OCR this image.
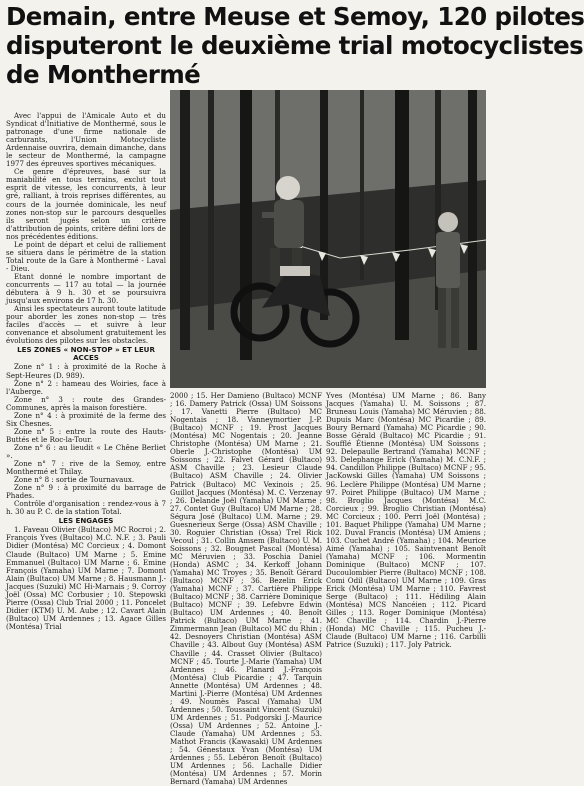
Demain, entre Meuse et Semoy, 120 pilotes
disputeront le deuxième trial motocyclistes
de Monthermé

Avec l'appui de l'Amicale Auto et du Syndicat d'Initiative de Monthermé, sous le patronage d'une firme nationale de carburants, l'Union Motocycliste Ardennaise ouvrira, demain dimanche, dans le secteur de Monthermé, la campagne 1977 des épreuves sportives mécaniques.

Ce genre d'épreuves, basé sur la maniabilité en tous terrains, exclut tout esprit de vitesse, les concurrents, à leur gré, ralliant, à trois reprises différentes, au cours de la journée dominicale, les neuf zones non-stop sur le parcours desquelles ils seront jugés selon un critère d'attribution de points, critère défini lors de nos précédentes éditions.

Le point de départ et celui de ralliement se situera dans le périmètre de la station Total route de la Gare à Monthermé - Laval - Dieu.

Etant donné le nombre important de concurrents — 117 au total — la journée débutera à 9 h. 30 et se poursuivra jusqu'aux environs de 17 h. 30.

Ainsi les spectateurs auront toute latitude pour aborder les zones non-stop — très faciles d'accès — et suivre à leur convenance et absolument gratuitement les évolutions des pilotes sur les obstacles.

LES ZONES « NON-STOP » ET LEUR ACCES

Zone n° 1 : à proximité de la Roche à Sept-Heures (D. 989).

Zone n° 2 : hameau des Woiries, face à l'Auberge.

Zone n° 3 : route des Grandes-Communes, après la maison forestière.

Zone n° 4 : à proximité de la ferme des Six Chesnes.

Zone n° 5 : entre la route des Hauts-Buttés et le Roc-la-Tour.

Zone n° 6 : au lieudit « Le Chêne Berliet ».

Zone n° 7 : rive de la Semoy, entre Monthermé et Thilay.

Zone n° 8 : sortie de Tournavaux.

Zone n° 9 : à proximité du barrage de Phades.

Contrôle d'organisation : rendez-vous à 7 h. 30 au P. C. de la station Total.

LES ENGAGES

1. Faveau Olivier (Bultaco) MC Rocroi ; 2. François Yves (Bultaco) M.C. N.F. ; 3. Pauli Didier (Montésa) MC Corcieux ; 4. Domont Claude (Bultaco) UM Marne ; 5. Emine Emmanuel (Bultaco) UM Marne ; 6. Emine François (Yamaha) UM Marne ; 7. Domont Alain (Bultaco) UM Marne ; 8. Hausmann J.-Jacques (Suzuki) MC Hi-Marnais ; 9. Corroy Joël (Ossa) MC Corbusier ; 10. Stepowski Pierre (Ossa) Club Trial 2000 ; 11. Poncelet Didier (KTM) U. M. Aube ; 12. Cavart Alain (Bultaco) UM Ardennes ; 13. Agace Gilles (Montésa) Trial

2000 ; 15. Her Damieno (Bultaco) MCNF ; 16. Damery Patrick (Ossa) UM Soissons ; 17. Vanetti Pierre (Bultaco) MC Nogentais ; 18. Vanneymortier J.-P. (Bultaco) MCNF ; 19. Prost Jacques (Montésa) MC Nogentais ; 20. Jeanne Christophe (Montésa) UM Marne ; 21. Oberle J.-Christophe (Montésa) UM Soissons ; 22. Falvet Gérard (Bultaco) ASM Chaville ; 23. Lesieur Claude (Bultaco) ASM Chaville ; 24. Olivier Patrick (Bultaco) MC Vexinois ; 25. Guillot Jacques (Montésa) M. C. Verzenay ; 26. Delande Joël (Yamaha) UM Marne ; 27. Contet Guy (Bultaco) UM Marne ; 28. Ségura José (Bultaco) U.M. Marne ; 29. Guesnerieux Serge (Ossa) ASM Chaville ; 30. Roguier Christian (Ossa) Trel Rick Vecoul ; 31. Collin Amsem (Bultaco) U. M. Soissons ; 32. Bougnet Pascal (Montésa) MC Méruvien ; 33. Poschia Daniel (Honda) ASMC ; 34. Kerkoff Johann (Yamaha) MC Troyes ; 35. Benoît Gérard (Bultaco) MCNF ; 36. Bezelin Erick (Yamaha) MCNF ; 37. Cartière Philippe (Bultaco) MCNF ; 38. Carrière Dominique (Bultaco) MCNF ; 39. Lefebvre Edwin (Bultaco) UM Ardennes ; 40. Benoît Patrick (Bultaco) UM Marne ; 41. Zimmermann Jean (Bultaco) MC du Rhin ; 42. Desnoyers Christian (Montésa) ASM Chaville ; 43. Albout Guy (Montésa) ASM Chaville ; 44. Crasset Olivier (Bultaco) MCNF ; 45. Tourte J.-Marie (Yamaha) UM Ardennes ; 46. Planard J.-François (Montésa) Club Picardie ; 47. Tarquin Annette (Montésa) UM Ardennes ; 48. Martini J.-Pierre (Montésa) UM Ardennes ; 49. Noumès Pascal (Yamaha) UM Ardennes ; 50. Toussaint Vincent (Suzuki) UM Ardennes ; 51. Podgorski J.-Maurice (Ossa) UM Ardennes ; 52. Antoine J.-Claude (Yamaha) UM Ardennes ; 53. Mathot Francis (Kawasaki) UM Ardennes ; 54. Génestaux Yvan (Montésa) UM Ardennes ; 55. Lebéron Benoît (Bultaco) UM Ardennes ; 56. Lachalle Didier (Montésa) UM Ardennes ; 57. Morin Bernard (Yamaha) UM Ardennes

Yves (Montésa) UM Marne ; 86. Bany Jacques (Yamaha) U. M. Soissons ; 87. Bruneau Louis (Yamaha) MC Méruvien ; 88. Dupuis Marc (Montésa) MC Picardie ; 89. Boury Bernard (Yamaha) MC Picardie ; 90. Bosse Gérald (Bultaco) MC Picardie ; 91. Soufflé Étienne (Montésa) UM Soissons ; 92. Delepaulle Bertrand (Yamaha) MCNF ; 93. Delephange Erick (Yamaha) M. C.N.F. ; 94. Candillon Philippe (Bultaco) MCNF ; 95. JacKowski Gilles (Yamaha) UM Soissons ; 96. Leclère Philippe (Montésa) UM Marne ; 97. Poiret Philippe (Bultaco) UM Marne ; 98. Broglio Jacques (Montésa) M.C. Corcieux ; 99. Broglio Christian (Montésa) MC Corcieux ; 100. Perri Joël (Montésa) ; 101. Baquet Philippe (Yamaha) UM Marne ; 102. Duval Francis (Montésa) UM Amiens ; 103. Cuchet André (Yamaha) ; 104. Meurice Aimé (Yamaha) ; 105. Saintvenant Benoît (Yamaha) MCNF ; 106. Mormentin Dominique (Bultaco) MCNF ; 107. Ducoulombier Pierre (Bultaco) MCNF ; 108. Comi Odil (Bultaco) UM Marne ; 109. Gras Erick (Montésa) UM Marne ; 110. Favrest Serge (Bultaco) ; 111. Hédiling Alain (Montésa) MCS Nancéien ; 112. Picard Gilles ; 113. Roger Dominique (Montésa) MC Chaville ; 114. Chardin J.-Pierre (Honda) MC Chaville ; 115. Pucheu J.-Claude (Bultaco) UM Marne ; 116. Carbilli Patrice (Suzuki) ; 117. Joly Patrick.
